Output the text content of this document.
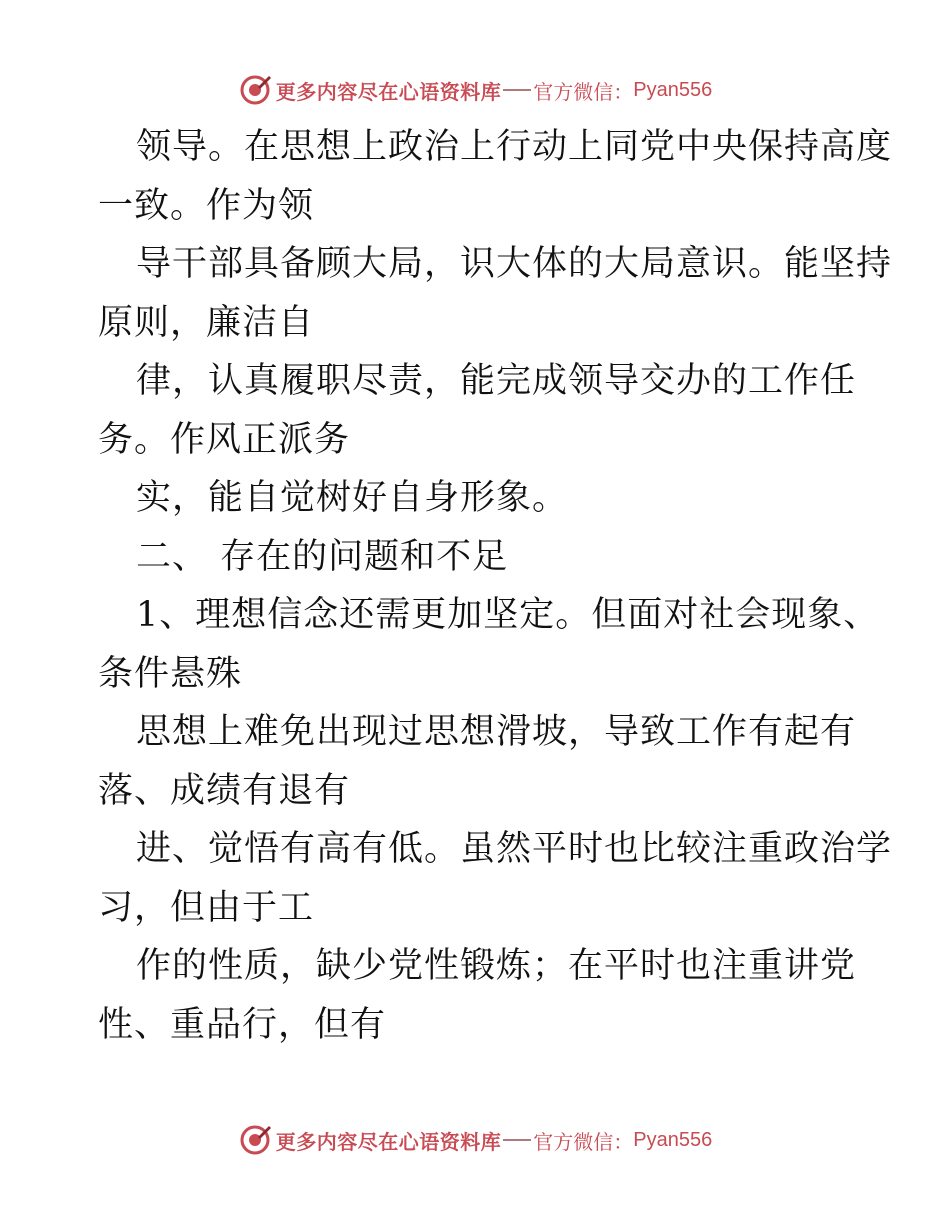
更多内容尽在心语资料库 官方微信： Pyan556
领导。在思想上政治上行动上同党中央保持高度
一致。作为领
导干部具备顾大局，识大体的大局意识。能坚持
原则，廉洁自
律，认真履职尽责，能完成领导交办的工作任
务。作风正派务
实，能自觉树好自身形象。
二、 存在的问题和不足
1、理想信念还需更加坚定。但面对社会现象、
条件悬殊
思想上难免出现过思想滑坡，导致工作有起有
落、成绩有退有
进、觉悟有高有低。虽然平时也比较注重政治学
习，但由于工
作的性质，缺少党性锻炼；在平时也注重讲党
性、重品行，但有
更多内容尽在心语资料库 官方微信： Pyan556
